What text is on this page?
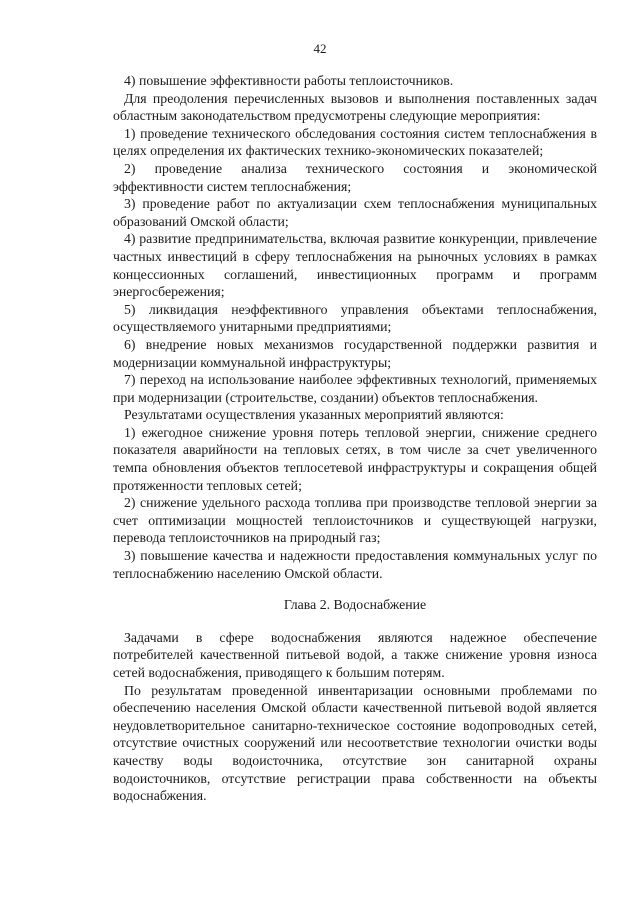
42

4) повышение эффективности работы теплоисточников.

Для преодоления перечисленных вызовов и выполнения поставленных задач областным законодательством предусмотрены следующие мероприятия:

1) проведение технического обследования состояния систем теплоснабжения в целях определения их фактических технико-экономических показателей;

2) проведение анализа технического состояния и экономической эффективности систем теплоснабжения;

3) проведение работ по актуализации схем теплоснабжения муниципальных образований Омской области;

4) развитие предпринимательства, включая развитие конкуренции, привлечение частных инвестиций в сферу теплоснабжения на рыночных условиях в рамках концессионных соглашений, инвестиционных программ и программ энергосбережения;

5) ликвидация неэффективного управления объектами теплоснабжения, осуществляемого унитарными предприятиями;

6) внедрение новых механизмов государственной поддержки развития и модернизации коммунальной инфраструктуры;

7) переход на использование наиболее эффективных технологий, применяемых при модернизации (строительстве, создании) объектов теплоснабжения.

Результатами осуществления указанных мероприятий являются:

1) ежегодное снижение уровня потерь тепловой энергии, снижение среднего показателя аварийности на тепловых сетях, в том числе за счет увеличенного темпа обновления объектов теплосетевой инфраструктуры и сокращения общей протяженности тепловых сетей;

2) снижение удельного расхода топлива при производстве тепловой энергии за счет оптимизации мощностей теплоисточников и существующей нагрузки, перевода теплоисточников на природный газ;

3) повышение качества и надежности предоставления коммунальных услуг по теплоснабжению населению Омской области.

Глава 2. Водоснабжение

Задачами в сфере водоснабжения являются надежное обеспечение потребителей качественной питьевой водой, а также снижение уровня износа сетей водоснабжения, приводящего к большим потерям.

По результатам проведенной инвентаризации основными проблемами по обеспечению населения Омской области качественной питьевой водой является неудовлетворительное санитарно-техническое состояние водопроводных сетей, отсутствие очистных сооружений или несоответствие технологии очистки воды качеству воды водоисточника, отсутствие зон санитарной охраны водоисточников, отсутствие регистрации права собственности на объекты водоснабжения.
